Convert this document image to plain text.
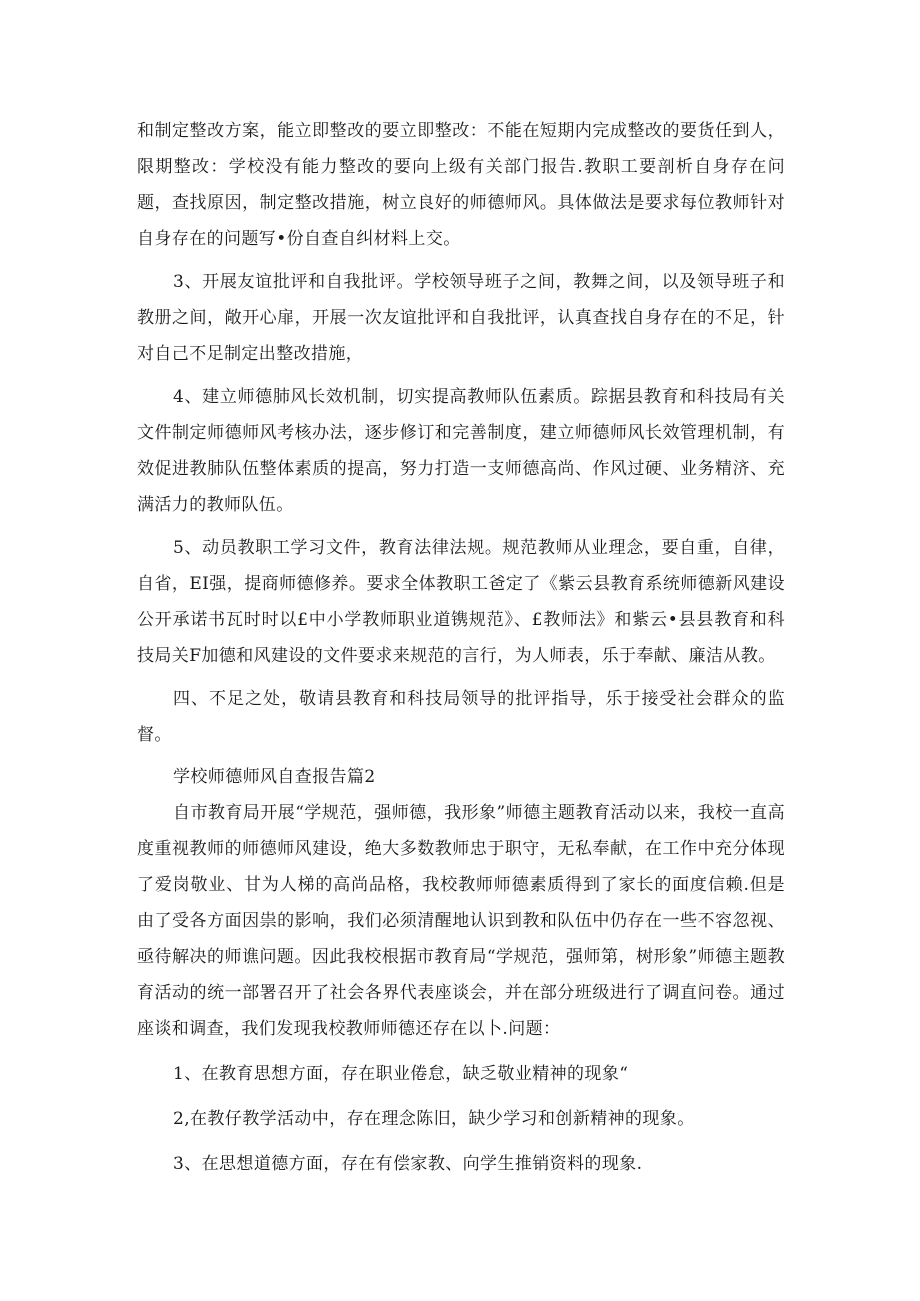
和制定整改方案，能立即整改的要立即整改：不能在短期内完成整改的要货任到人，限期整改：学校没有能力整改的要向上级有关部门报告.教职工要剖析自身存在问题，查找原因，制定整改措施，树立良好的师德师风。具体做法是要求每位教师针对自身存在的问题写•份自查自纠材料上交。

3、开展友谊批评和自我批评。学校领导班子之间，教舞之间，以及领导班子和教册之间，敞开心扉，开展一次友谊批评和自我批评，认真查找自身存在的不足，针对自己不足制定出整改措施，

4、建立师德肺风长效机制，切实提高教师队伍素质。踪据县教育和科技局有关文件制定师德师风考核办法，逐步修订和完善制度，建立师德师风长效管理机制，有效促进教肺队伍整体素质的提高，努力打造一支师德高尚、作风过硬、业务精济、充满活力的教师队伍。

5、动员教职工学习文件，教育法律法规。规范教师从业理念，要自重，自律，自省，EI强，提商师德修养。要求全体教职工爸定了《紫云县教育系统师德新风建设公开承诺书瓦时时以£中小学教师职业道镌规范》、£教师法》和紫云•县县教育和科技局关F加德和风建设的文件要求来规范的言行，为人师表，乐于奉献、廉洁从教。

四、不足之处，敬请县教育和科技局领导的批评指导，乐于接受社会群众的监督。

学校师德师风自查报告篇2

自市教育局开展“学规范，强师德，我形象”师德主题教育活动以来，我校一直高度重视教师的师德师风建设，绝大多数教师忠于职守，无私奉献，在工作中充分体现了爱岗敬业、甘为人梯的高尚品格，我校教师师德素质得到了家长的面度信赖.但是由了受各方面因祟的影响，我们必须清醒地认识到教和队伍中仍存在一些不容忽视、亟待解决的师谯问题。因此我校根据市教育局“学规范，强师第，树形象”师德主题教育活动的统一部署召开了社会各界代表座谈会，并在部分班级进行了调直问卷。通过座谈和调查，我们发现我校教师师德还存在以卜.问题：

1、在教育思想方面，存在职业倦怠，缺乏敬业精神的现象“

2,在教仔教学活动中，存在理念陈旧，缺少学习和创新精神的现象。

3、在思想道德方面，存在有偿家教、向学生推销资料的现象.
